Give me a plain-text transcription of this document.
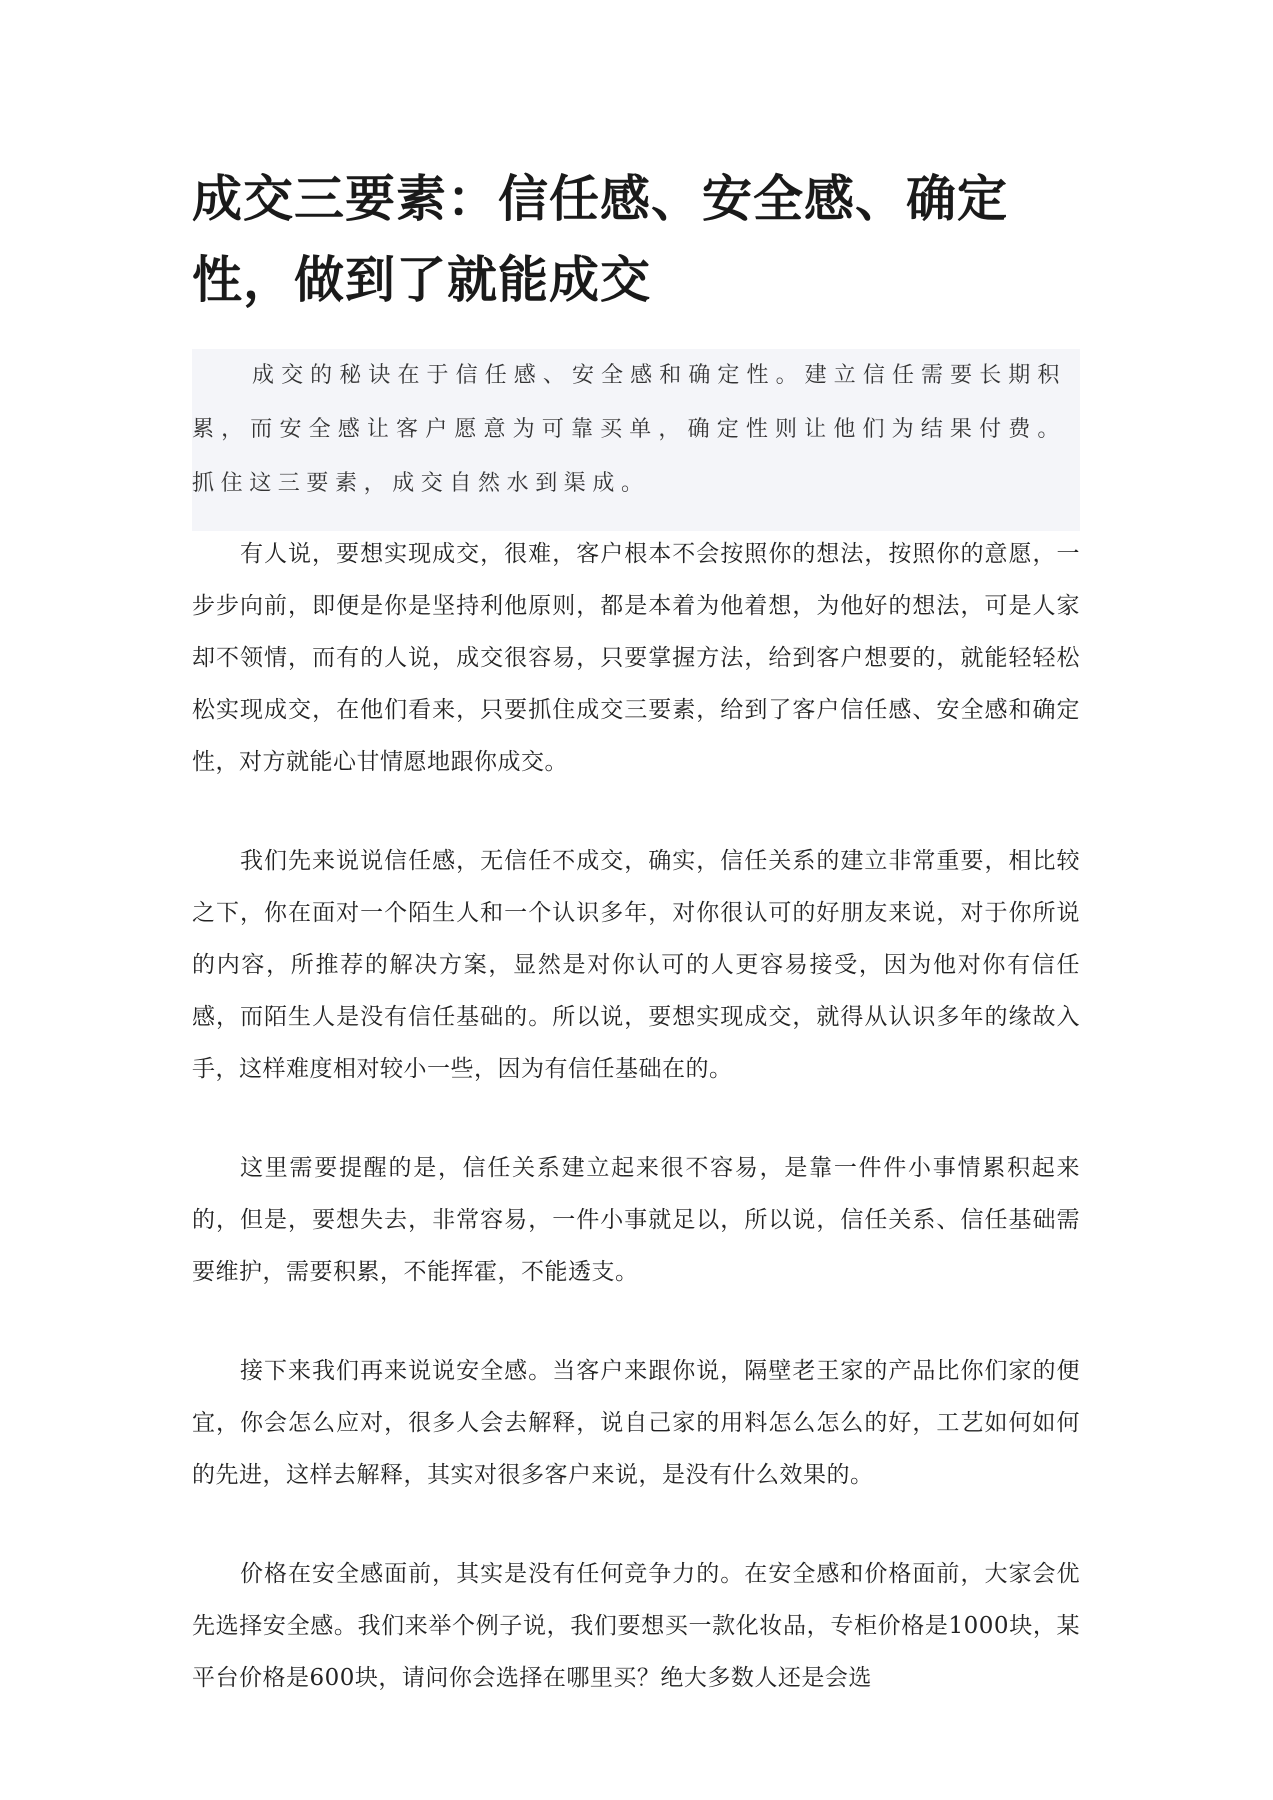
成交三要素：信任感、安全感、确定性，做到了就能成交

成交的秘诀在于信任感、安全感和确定性。建立信任需要长期积累，而安全感让客户愿意为可靠买单，确定性则让他们为结果付费。抓住这三要素，成交自然水到渠成。

有人说，要想实现成交，很难，客户根本不会按照你的想法，按照你的意愿，一步步向前，即便是你是坚持利他原则，都是本着为他着想，为他好的想法，可是人家却不领情，而有的人说，成交很容易，只要掌握方法，给到客户想要的，就能轻轻松松实现成交，在他们看来，只要抓住成交三要素，给到了客户信任感、安全感和确定性，对方就能心甘情愿地跟你成交。

我们先来说说信任感，无信任不成交，确实，信任关系的建立非常重要，相比较之下，你在面对一个陌生人和一个认识多年，对你很认可的好朋友来说，对于你所说的内容，所推荐的解决方案，显然是对你认可的人更容易接受，因为他对你有信任感，而陌生人是没有信任基础的。所以说，要想实现成交，就得从认识多年的缘故入手，这样难度相对较小一些，因为有信任基础在的。

这里需要提醒的是，信任关系建立起来很不容易，是靠一件件小事情累积起来的，但是，要想失去，非常容易，一件小事就足以，所以说，信任关系、信任基础需要维护，需要积累，不能挥霍，不能透支。

接下来我们再来说说安全感。当客户来跟你说，隔壁老王家的产品比你们家的便宜，你会怎么应对，很多人会去解释，说自己家的用料怎么怎么的好，工艺如何如何的先进，这样去解释，其实对很多客户来说，是没有什么效果的。

价格在安全感面前，其实是没有任何竞争力的。在安全感和价格面前，大家会优先选择安全感。我们来举个例子说，我们要想买一款化妆品，专柜价格是1000块，某平台价格是600块，请问你会选择在哪里买？绝大多数人还是会选
